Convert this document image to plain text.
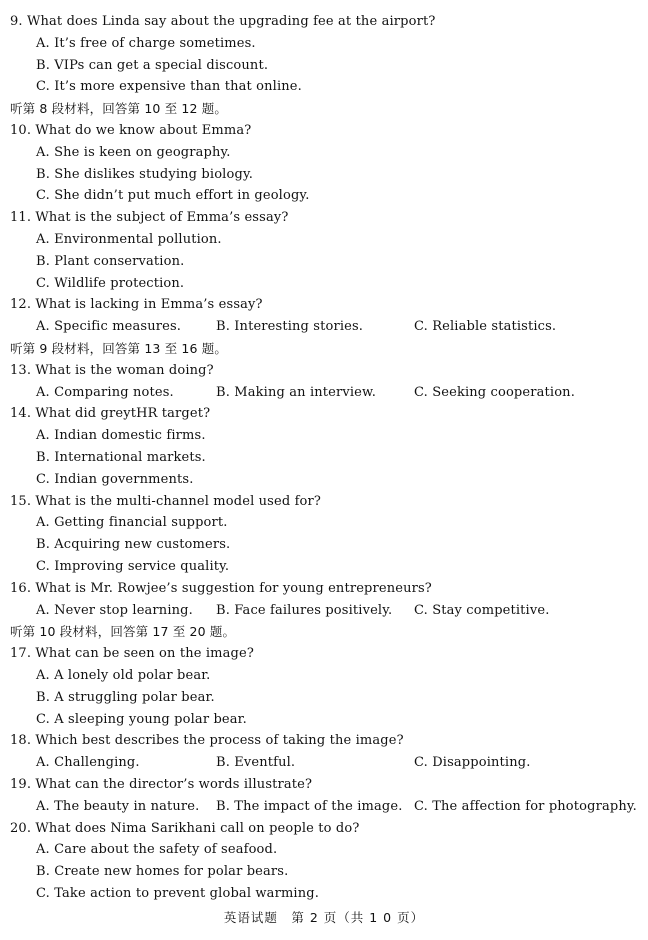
9. What does Linda say about the upgrading fee at the airport?
A. It’s free of charge sometimes.
B. VIPs can get a special discount.
C. It’s more expensive than that online.
听第 8 段材料，回答第 10 至 12 题。
10. What do we know about Emma?
A. She is keen on geography.
B. She dislikes studying biology.
C. She didn’t put much effort in geology.
11. What is the subject of Emma’s essay?
A. Environmental pollution.
B. Plant conservation.
C. Wildlife protection.
12. What is lacking in Emma’s essay?
A. Specific measures.	B. Interesting stories.	C. Reliable statistics.
听第 9 段材料，回答第 13 至 16 题。
13. What is the woman doing?
A. Comparing notes.	B. Making an interview.	C. Seeking cooperation.
14. What did greytHR target?
A. Indian domestic firms.
B. International markets.
C. Indian governments.
15. What is the multi-channel model used for?
A. Getting financial support.
B. Acquiring new customers.
C. Improving service quality.
16. What is Mr. Rowjee’s suggestion for young entrepreneurs?
A. Never stop learning. B. Face failures positively. C. Stay competitive.
听第 10 段材料，回答第 17 至 20 题。
17. What can be seen on the image?
A. A lonely old polar bear.
B. A struggling polar bear.
C. A sleeping young polar bear.
18. Which best describes the process of taking the image?
A. Challenging.	B. Eventful.	C. Disappointing.
19. What can the director’s words illustrate?
A. The beauty in nature. B. The impact of the image. C. The affection for photography.
20. What does Nima Sarikhani call on people to do?
A. Care about the safety of seafood.
B. Create new homes for polar bears.
C. Take action to prevent global warming.
英语试题　第 2 页（共 1 0 页）
